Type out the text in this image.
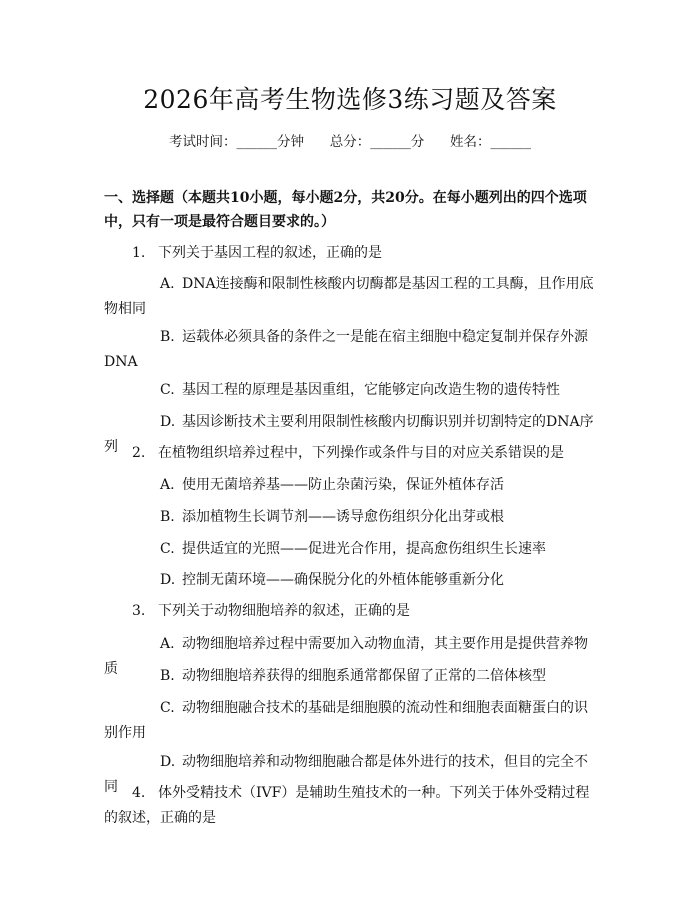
2026年高考生物选修3练习题及答案
考试时间：______分钟 总分：______分 姓名：______
一、选择题（本题共10小题，每小题2分，共20分。在每小题列出的四个选项中，只有一项是最符合题目要求的。）
1. 下列关于基因工程的叙述，正确的是
A. DNA连接酶和限制性核酸内切酶都是基因工程的工具酶，且作用底物相同
B. 运载体必须具备的条件之一是能在宿主细胞中稳定复制并保存外源DNA
C. 基因工程的原理是基因重组，它能够定向改造生物的遗传特性
D. 基因诊断技术主要利用限制性核酸内切酶识别并切割特定的DNA序列	2. 在植物组织培养过程中，下列操作或条件与目的对应关系错误的是
A. 使用无菌培养基——防止杂菌污染，保证外植体存活
B. 添加植物生长调节剂——诱导愈伤组织分化出芽或根
C. 提供适宜的光照——促进光合作用，提高愈伤组织生长速率
D. 控制无菌环境——确保脱分化的外植体能够重新分化
3. 下列关于动物细胞培养的叙述，正确的是
A. 动物细胞培养过程中需要加入动物血清，其主要作用是提供营养物质	B. 动物细胞培养获得的细胞系通常都保留了正常的二倍体核型
C. 动物细胞融合技术的基础是细胞膜的流动性和细胞表面糖蛋白的识别作用
D. 动物细胞培养和动物细胞融合都是体外进行的技术，但目的完全不同	4. 体外受精技术（IVF）是辅助生殖技术的一种。下列关于体外受精过程的叙述，正确的是
